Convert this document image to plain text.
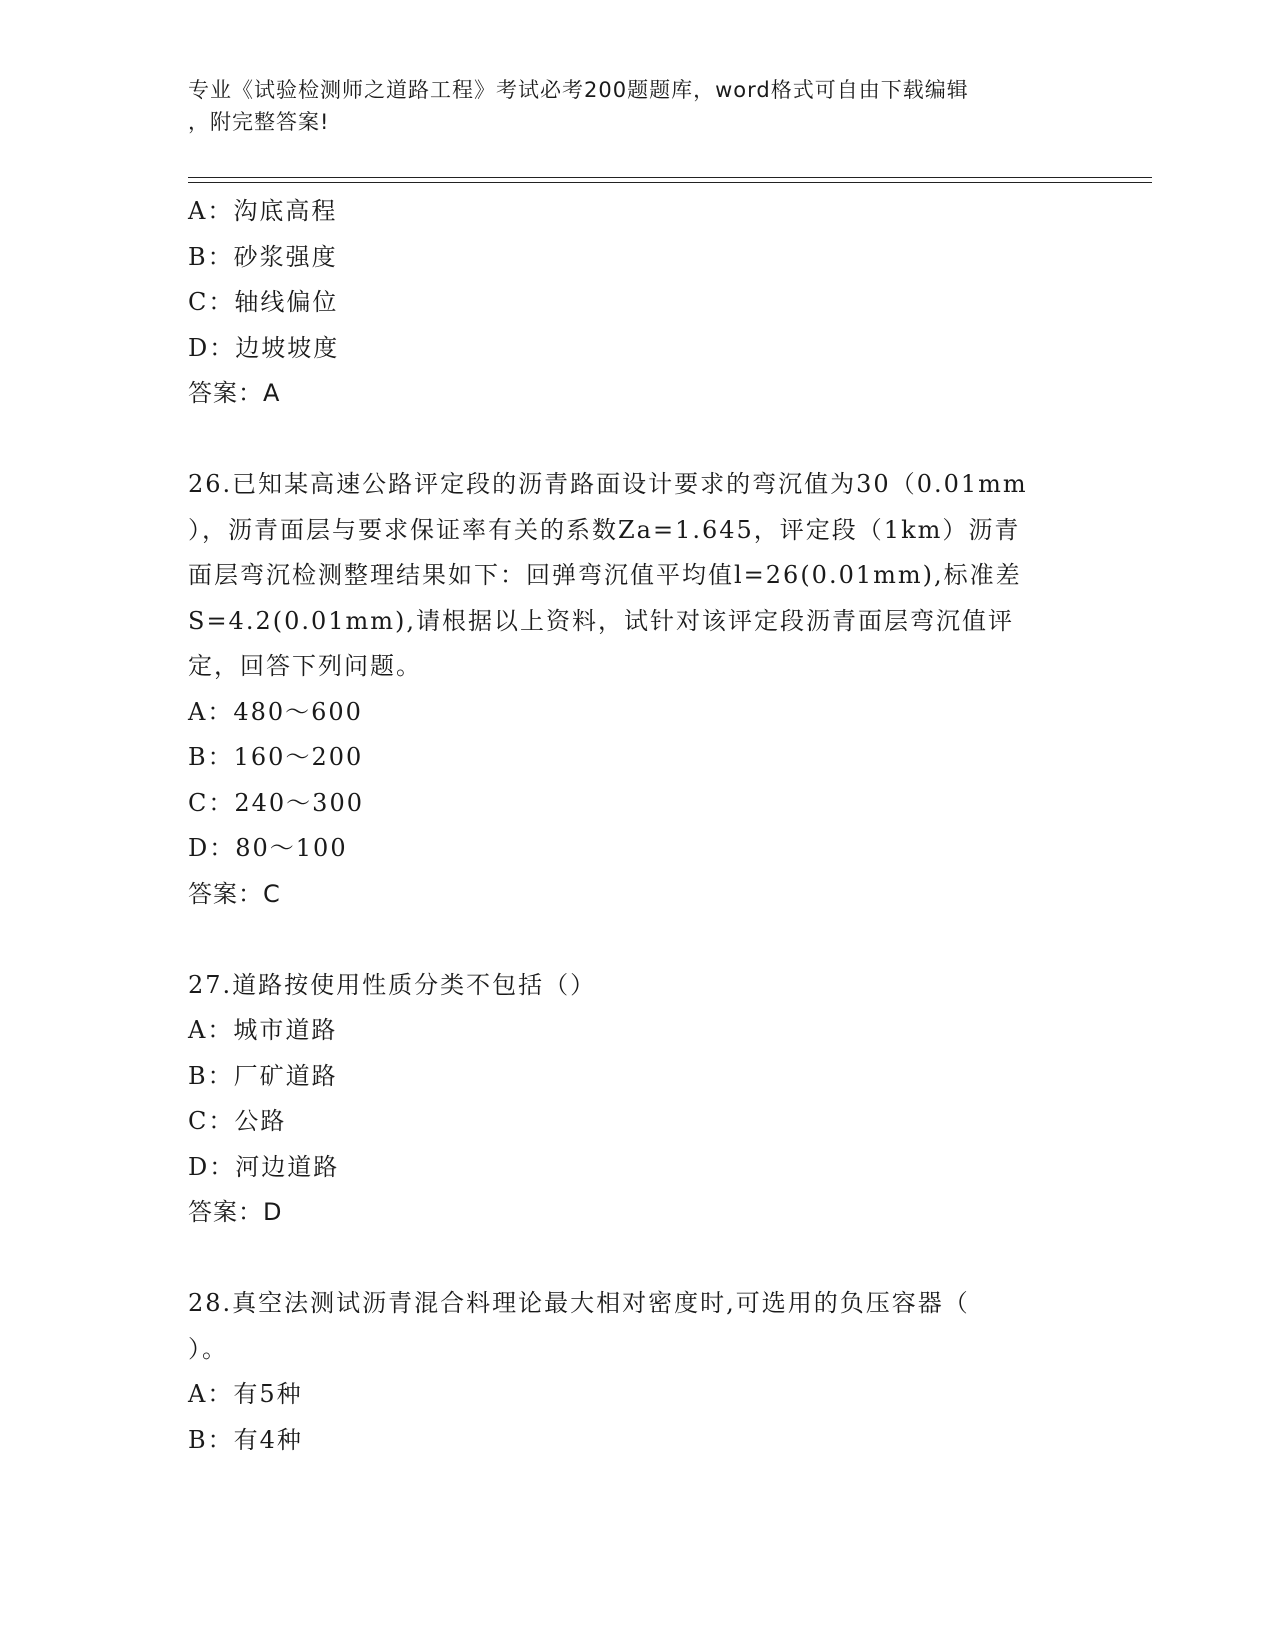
专业《试验检测师之道路工程》考试必考200题题库，word格式可自由下载编辑
，附完整答案!
A：沟底高程
B：砂浆强度
C：轴线偏位
D：边坡坡度
答案：A
26.已知某高速公路评定段的沥青路面设计要求的弯沉值为30（0.01mm
），沥青面层与要求保证率有关的系数Za=1.645，评定段（1km）沥青
面层弯沉检测整理结果如下：回弹弯沉值平均值l=26(0.01mm),标准差
S=4.2(0.01mm),请根据以上资料，试针对该评定段沥青面层弯沉值评
定，回答下列问题。
A：480～600
B：160～200
C：240～300
D：80～100
答案：C
27.道路按使用性质分类不包括（）
A：城市道路
B：厂矿道路
C：公路
D：河边道路
答案：D
28.真空法测试沥青混合料理论最大相对密度时,可选用的负压容器（
）。
A：有5种
B：有4种
